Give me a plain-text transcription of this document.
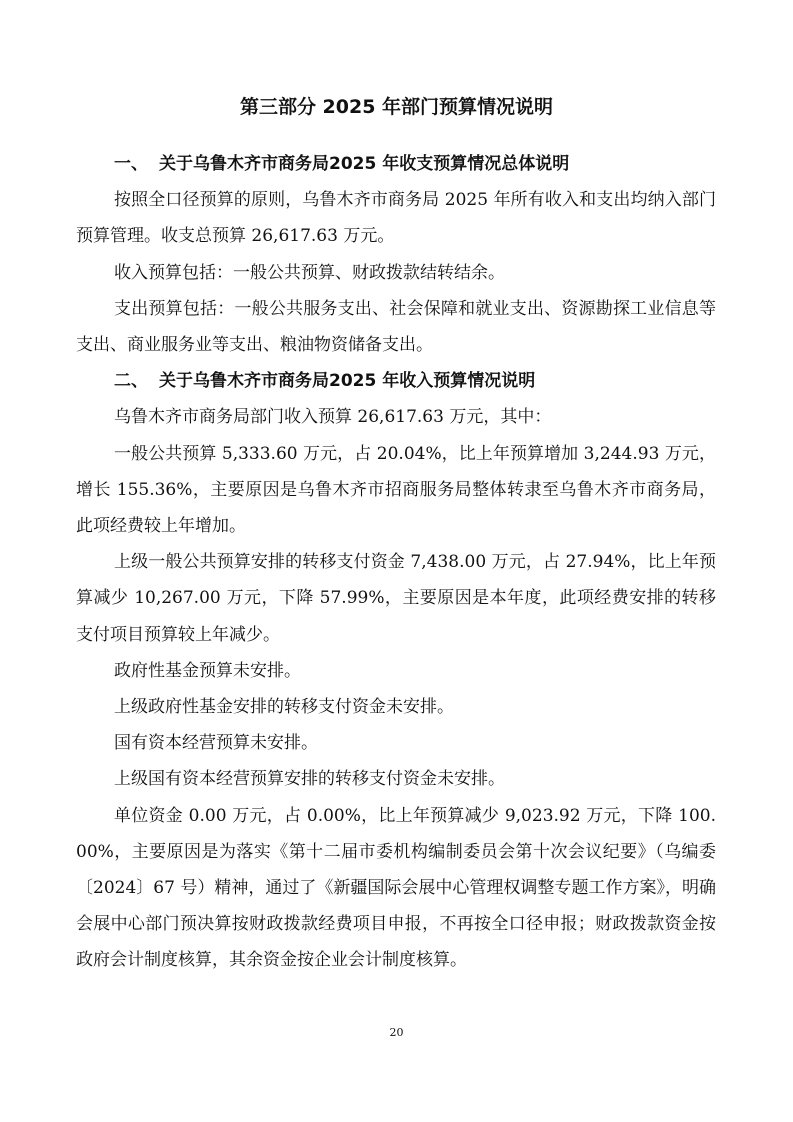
第三部分 2025 年部门预算情况说明
一、 关于乌鲁木齐市商务局2025 年收支预算情况总体说明

按照全口径预算的原则，乌鲁木齐市商务局 2025 年所有收入和支出均纳入部门预算管理。收支总预算 26,617.63 万元。

收入预算包括：一般公共预算、财政拨款结转结余。

支出预算包括：一般公共服务支出、社会保障和就业支出、资源勘探工业信息等支出、商业服务业等支出、粮油物资储备支出。

二、 关于乌鲁木齐市商务局2025 年收入预算情况说明

乌鲁木齐市商务局部门收入预算 26,617.63 万元，其中：

一般公共预算 5,333.60 万元，占 20.04%，比上年预算增加 3,244.93 万元，增长 155.36%，主要原因是乌鲁木齐市招商服务局整体转隶至乌鲁木齐市商务局，此项经费较上年增加。

上级一般公共预算安排的转移支付资金 7,438.00 万元，占 27.94%，比上年预算减少 10,267.00 万元，下降 57.99%，主要原因是本年度，此项经费安排的转移支付项目预算较上年减少。

政府性基金预算未安排。

上级政府性基金安排的转移支付资金未安排。

国有资本经营预算未安排。

上级国有资本经营预算安排的转移支付资金未安排。

单位资金 0.00 万元，占 0.00%，比上年预算减少 9,023.92 万元，下降 100.00%，主要原因是为落实《第十二届市委机构编制委员会第十次会议纪要》（乌编委〔2024〕67 号）精神，通过了《新疆国际会展中心管理权调整专题工作方案》，明确会展中心部门预决算按财政拨款经费项目申报，不再按全口径申报；财政拨款资金按政府会计制度核算，其余资金按企业会计制度核算。

20
